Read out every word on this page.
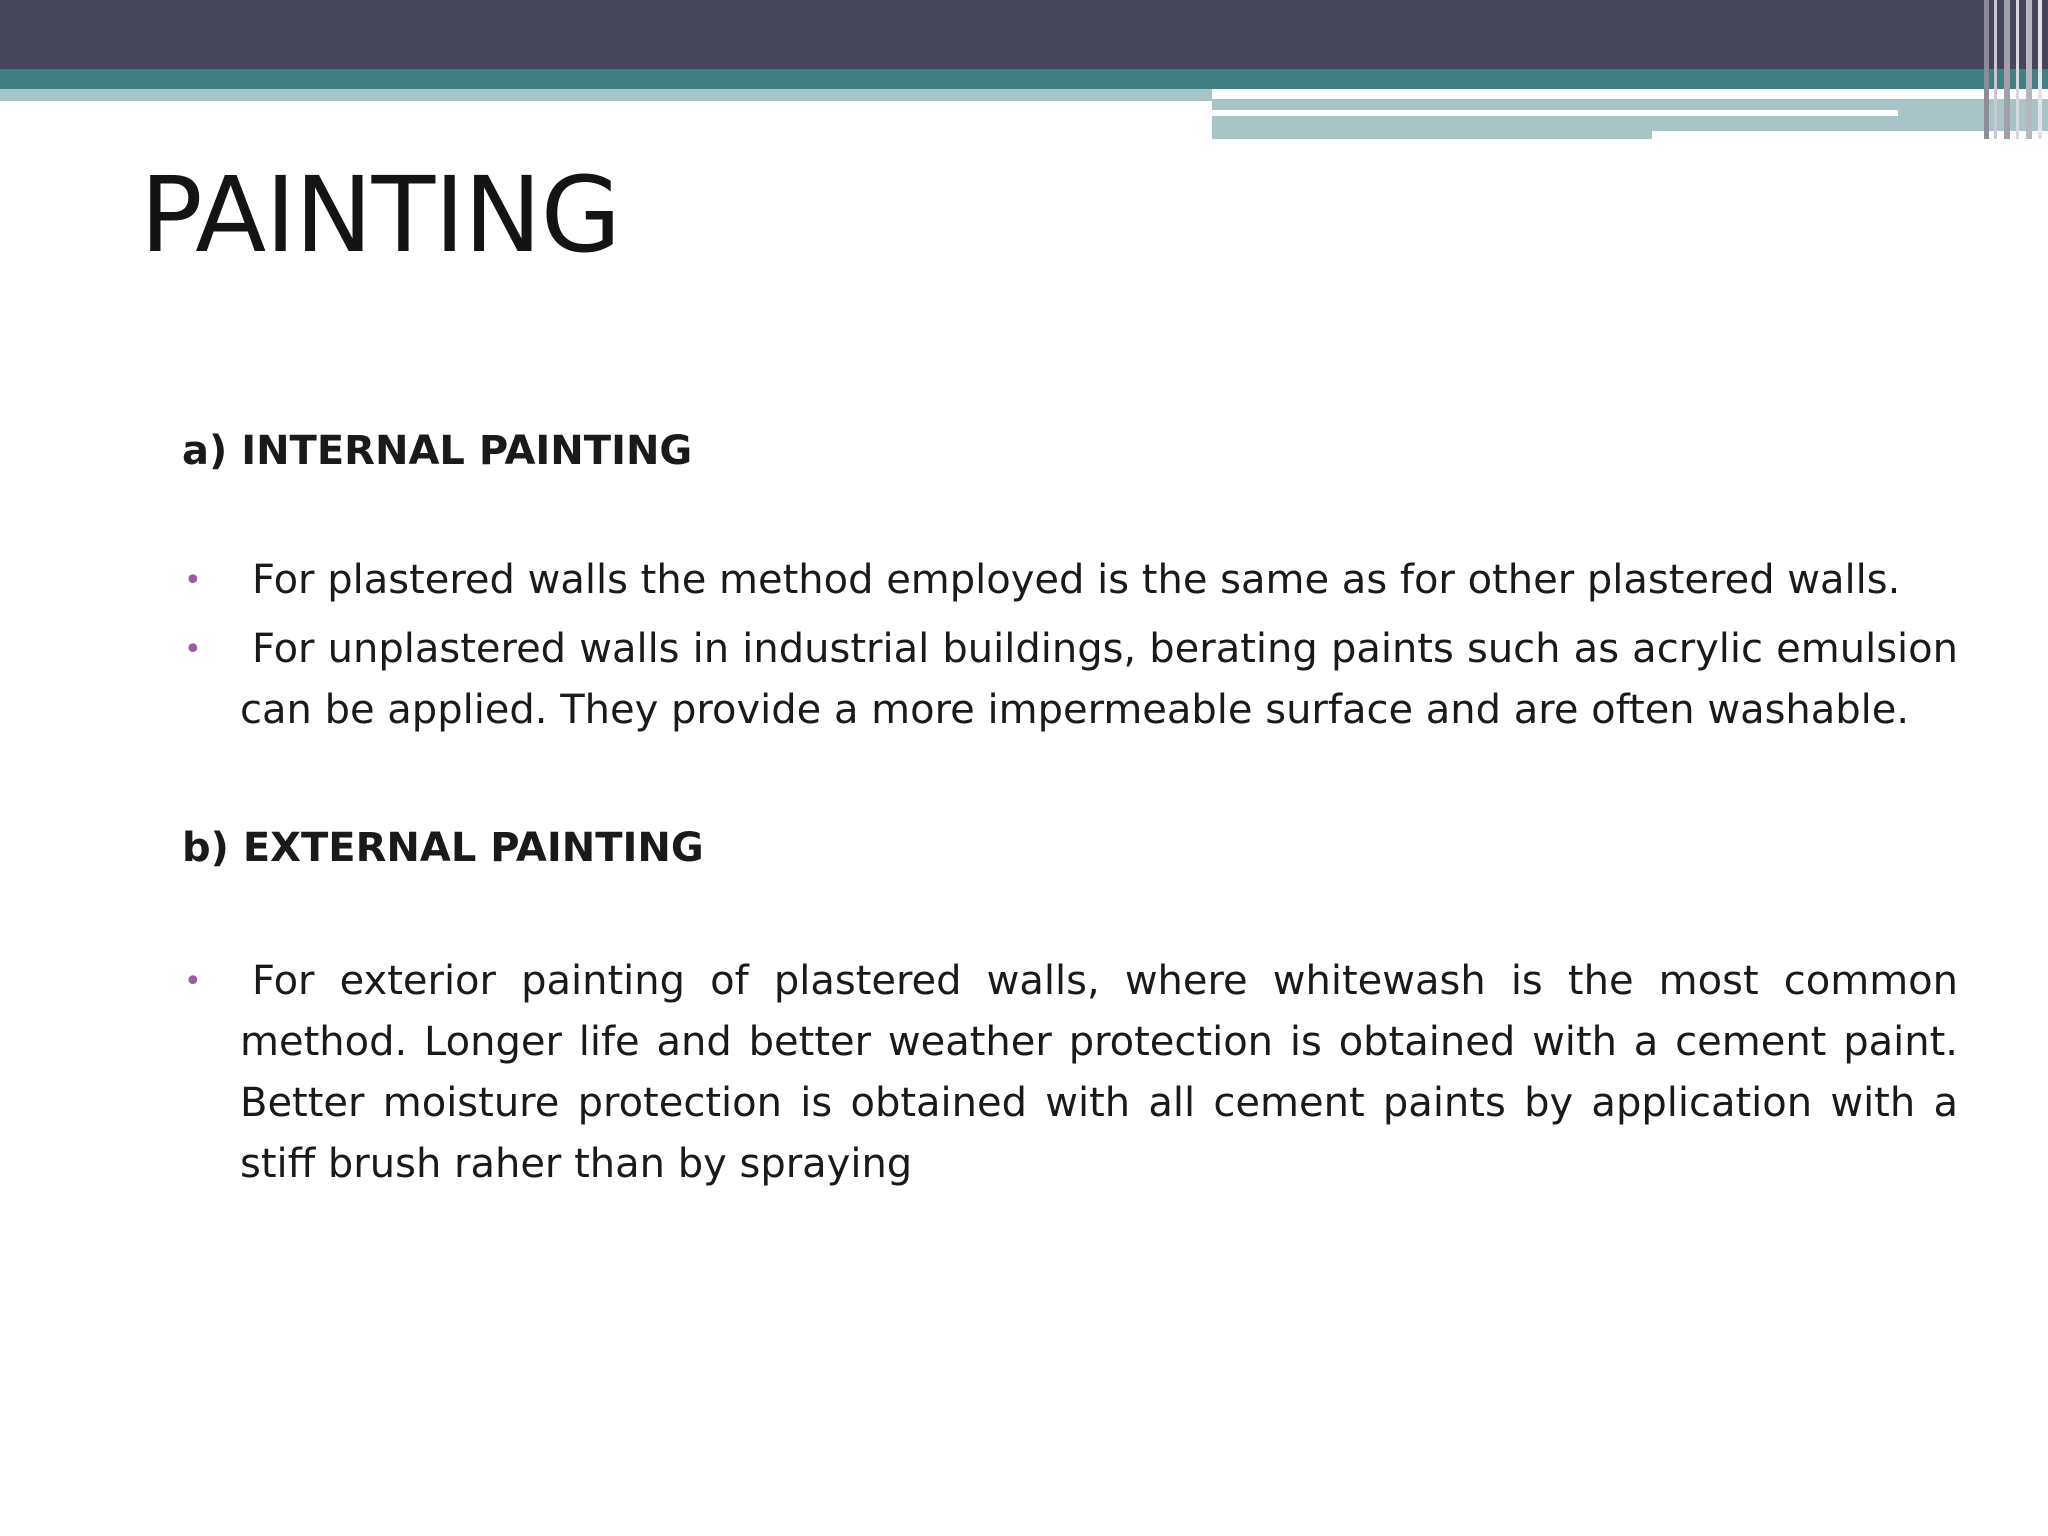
PAINTING

a) INTERNAL PAINTING

•	For plastered walls the method employed is the same as for other plastered walls.
•	For unplastered walls in industrial buildings, berating paints such as acrylic emulsion can be applied. They provide a more impermeable surface and are often washable.

b) EXTERNAL PAINTING

•	For exterior painting of plastered walls, where whitewash is the most common method. Longer life and better weather protection is obtained with a cement paint. Better moisture protection is obtained with all cement paints by application with a stiff brush raher than by spraying
